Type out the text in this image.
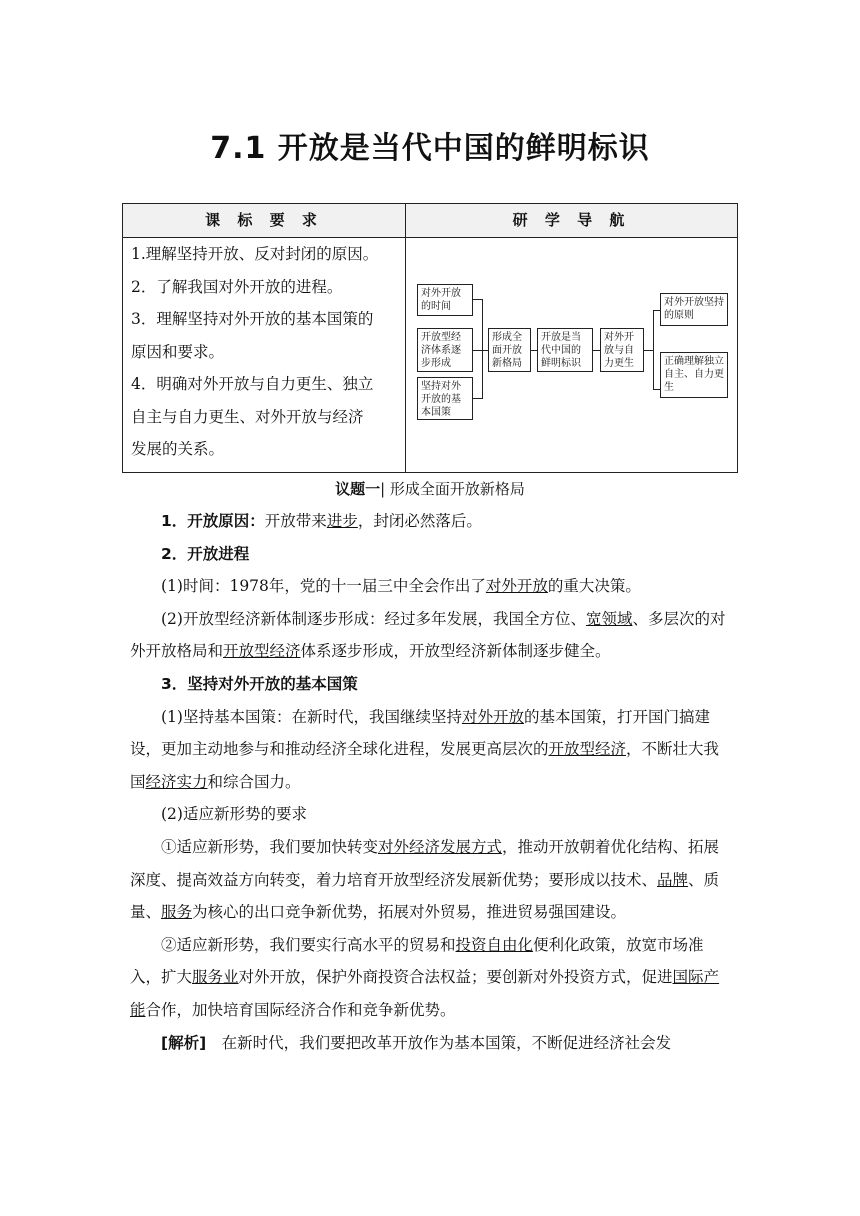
7.1 开放是当代中国的鲜明标识
课 标 要 求	研 学 导 航
1.理解坚持开放、反对封闭的原因。
2．了解我国对外开放的进程。
3．理解坚持对外开放的基本国策的
原因和要求。
4．明确对外开放与自力更生、独立
自主与自力更生、对外开放与经济
发展的关系。
对外开放的时间
开放型经济体系逐步形成
坚持对外开放的基本国策
形成全面开放新格局
开放是当代中国的鲜明标识
对外开放与自力更生
对外开放坚持的原则
正确理解独立自主、自力更生
议题一| 形成全面开放新格局

1．开放原因：开放带来进步，封闭必然落后。

2．开放进程

(1)时间：1978年，党的十一届三中全会作出了对外开放的重大决策。

(2)开放型经济新体制逐步形成：经过多年发展，我国全方位、宽领域、多层次的对外开放格局和开放型经济体系逐步形成，开放型经济新体制逐步健全。

3．坚持对外开放的基本国策

(1)坚持基本国策：在新时代，我国继续坚持对外开放的基本国策，打开国门搞建设，更加主动地参与和推动经济全球化进程，发展更高层次的开放型经济，不断壮大我国经济实力和综合国力。

(2)适应新形势的要求

①适应新形势，我们要加快转变对外经济发展方式，推动开放朝着优化结构、拓展深度、提高效益方向转变，着力培育开放型经济发展新优势；要形成以技术、品牌、质量、服务为核心的出口竞争新优势，拓展对外贸易，推进贸易强国建设。

②适应新形势，我们要实行高水平的贸易和投资自由化便利化政策，放宽市场准入，扩大服务业对外开放，保护外商投资合法权益；要创新对外投资方式，促进国际产能合作，加快培育国际经济合作和竞争新优势。

[解析]　在新时代，我们要把改革开放作为基本国策，不断促进经济社会发
